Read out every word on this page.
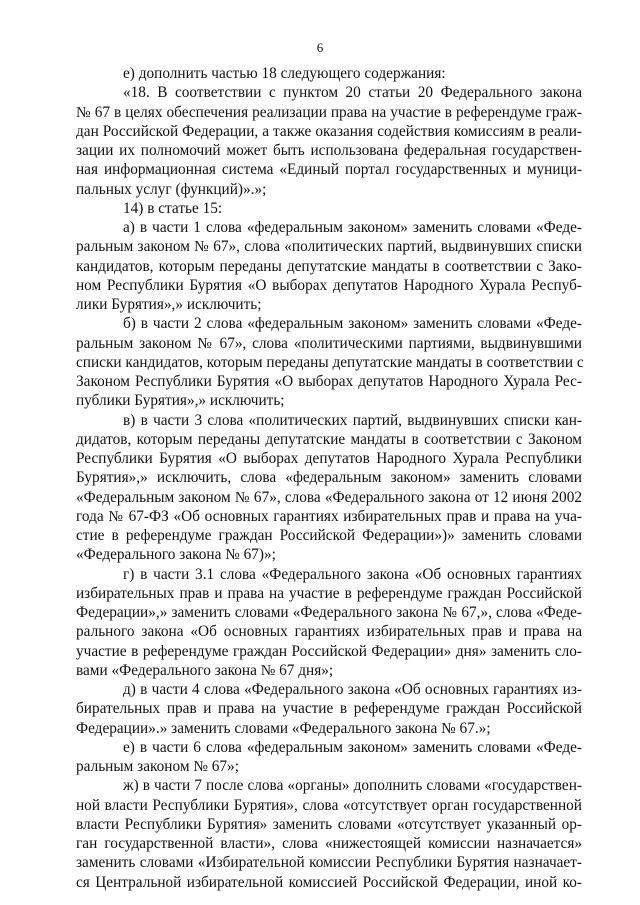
6
е) дополнить частью 18 следующего содержания:
«18. В соответствии с пунктом 20 статьи 20 Федерального закона
№ 67 в целях обеспечения реализации права на участие в референдуме граж-
дан Российской Федерации, а также оказания содействия комиссиям в реали-
зации их полномочий может быть использована федеральная государствен-
ная информационная система «Единый портал государственных и муници-
пальных услуг (функций)».»;
14) в статье 15:
а) в части 1 слова «федеральным законом» заменить словами «Феде-
ральным законом № 67», слова «политических партий, выдвинувших списки
кандидатов, которым переданы депутатские мандаты в соответствии с Зако-
ном Республики Бурятия «О выборах депутатов Народного Хурала Респуб-
лики Бурятия»,» исключить;
б) в части 2 слова «федеральным законом» заменить словами «Феде-
ральным законом № 67», слова «политическими партиями, выдвинувшими
списки кандидатов, которым переданы депутатские мандаты в соответствии с
Законом Республики Бурятия «О выборах депутатов Народного Хурала Рес-
публики Бурятия»,» исключить;
в) в части 3 слова «политических партий, выдвинувших списки кан-
дидатов, которым переданы депутатские мандаты в соответствии с Законом
Республики Бурятия «О выборах депутатов Народного Хурала Республики
Бурятия»,» исключить, слова «федеральным законом» заменить словами
«Федеральным законом № 67», слова «Федерального закона от 12 июня 2002
года № 67-ФЗ «Об основных гарантиях избирательных прав и права на уча-
стие в референдуме граждан Российской Федерации»)» заменить словами
«Федерального закона № 67)»;
г) в части 3.1 слова «Федерального закона «Об основных гарантиях
избирательных прав и права на участие в референдуме граждан Российской
Федерации»,» заменить словами «Федерального закона № 67,», слова «Феде-
рального закона «Об основных гарантиях избирательных прав и права на
участие в референдуме граждан Российской Федерации» дня» заменить сло-
вами «Федерального закона № 67 дня»;
д) в части 4 слова «Федерального закона «Об основных гарантиях из-
бирательных прав и права на участие в референдуме граждан Российской
Федерации».» заменить словами «Федерального закона № 67.»;
е) в части 6 слова «федеральным законом» заменить словами «Феде-
ральным законом № 67»;
ж) в части 7 после слова «органы» дополнить словами «государствен-
ной власти Республики Бурятия», слова «отсутствует орган государственной
власти Республики Бурятия» заменить словами «отсутствует указанный ор-
ган государственной власти», слова «нижестоящей комиссии назначается»
заменить словами «Избирательной комиссии Республики Бурятия назначает-
ся Центральной избирательной комиссией Российской Федерации, иной ко-
